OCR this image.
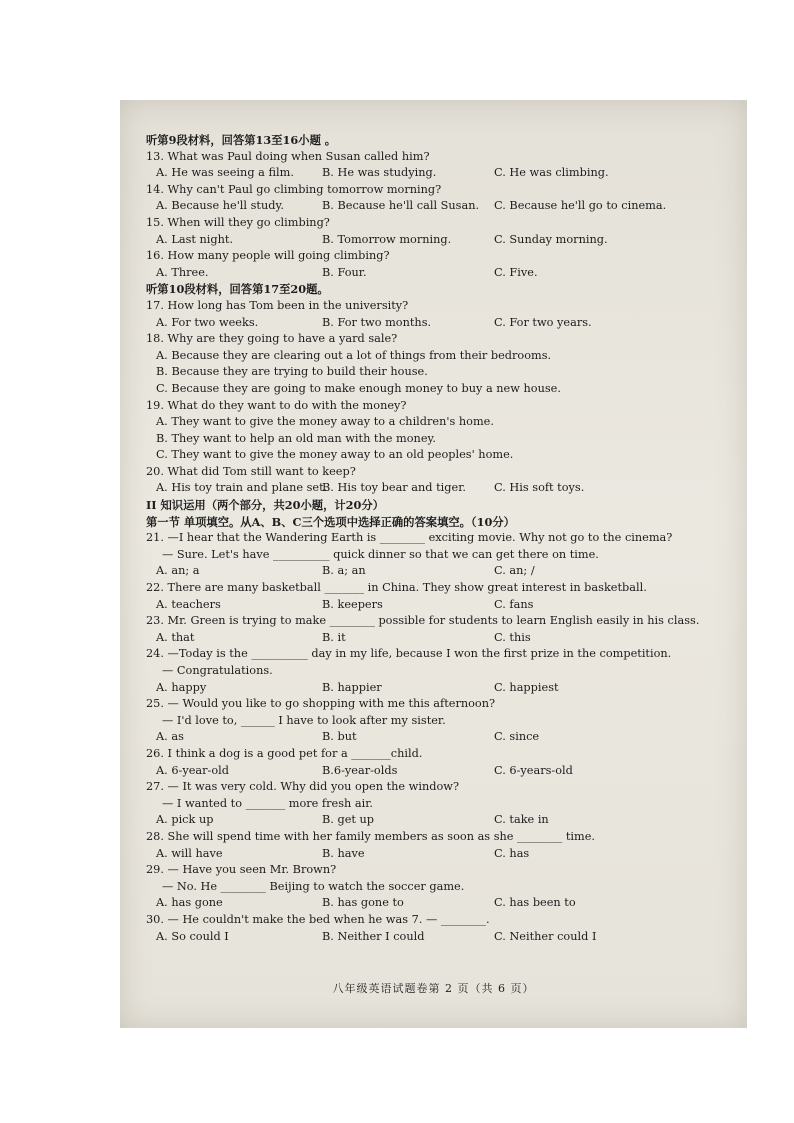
听第9段材料，回答第13至16小题 。
13. What was Paul doing when Susan called him?
A. He was seeing a film. B. He was studying.	C. He was climbing.
14. Why can't Paul go climbing tomorrow morning?
A. Because he'll study.	B. Because he'll call Susan. C. Because he'll go to cinema.
15. When will they go climbing?
A. Last night.	B. Tomorrow morning.	C. Sunday morning.
16. How many people will going climbing?
A. Three.	B. Four.	C. Five.
听第10段材料，回答第17至20题。
17. How long has Tom been in the university?
A. For two weeks.	B. For two months.	C. For two years.
18. Why are they going to have a yard sale?
A. Because they are clearing out a lot of things from their bedrooms.
B. Because they are trying to build their house.
C. Because they are going to make enough money to buy a new house.
19. What do they want to do with the money?
A. They want to give the money away to a children's home.
B. They want to help an old man with the money.
C. They want to give the money away to an old peoples' home.
20. What did Tom still want to keep?
A. His toy train and plane set.
B. His toy bear and tiger. C. His soft toys.
II 知识运用（两个部分，共20小题，计20分）
第一节 单项填空。从A、B、C三个选项中选择正确的答案填空。（10分）
21. —I hear that the Wandering Earth is ________ exciting movie. Why not go to the cinema?
— Sure. Let's have __________ quick dinner so that we can get there on time.
A. an; a	B. a; an	C. an; /
22. There are many basketball _______ in China. They show great interest in basketball.
A. teachers	B. keepers	C. fans
23. Mr. Green is trying to make ________ possible for students to learn English easily in his class.
A. that	B. it	C. this
24. —Today is the __________ day in my life, because I won the first prize in the competition.
— Congratulations.
A. happy	B. happier	C. happiest
25. — Would you like to go shopping with me this afternoon?
— I'd love to, ______ I have to look after my sister.
A. as	B. but	C. since
26. I think a dog is a good pet for a _______child.
A. 6-year-old	B.6-year-olds	C. 6-years-old
27. — It was very cold. Why did you open the window?
— I wanted to _______ more fresh air.
A. pick up	B. get up	C. take in
28. She will spend time with her family members as soon as she ________ time.
A. will have	B. have	C. has
29. — Have you seen Mr. Brown?
— No. He ________ Beijing to watch the soccer game.
A. has gone	B. has gone to	C. has been to
30. — He couldn't make the bed when he was 7. — ________.
A. So could I	B. Neither I could	C. Neither could I
八年级英语试题卷第 2 页（共 6 页）
